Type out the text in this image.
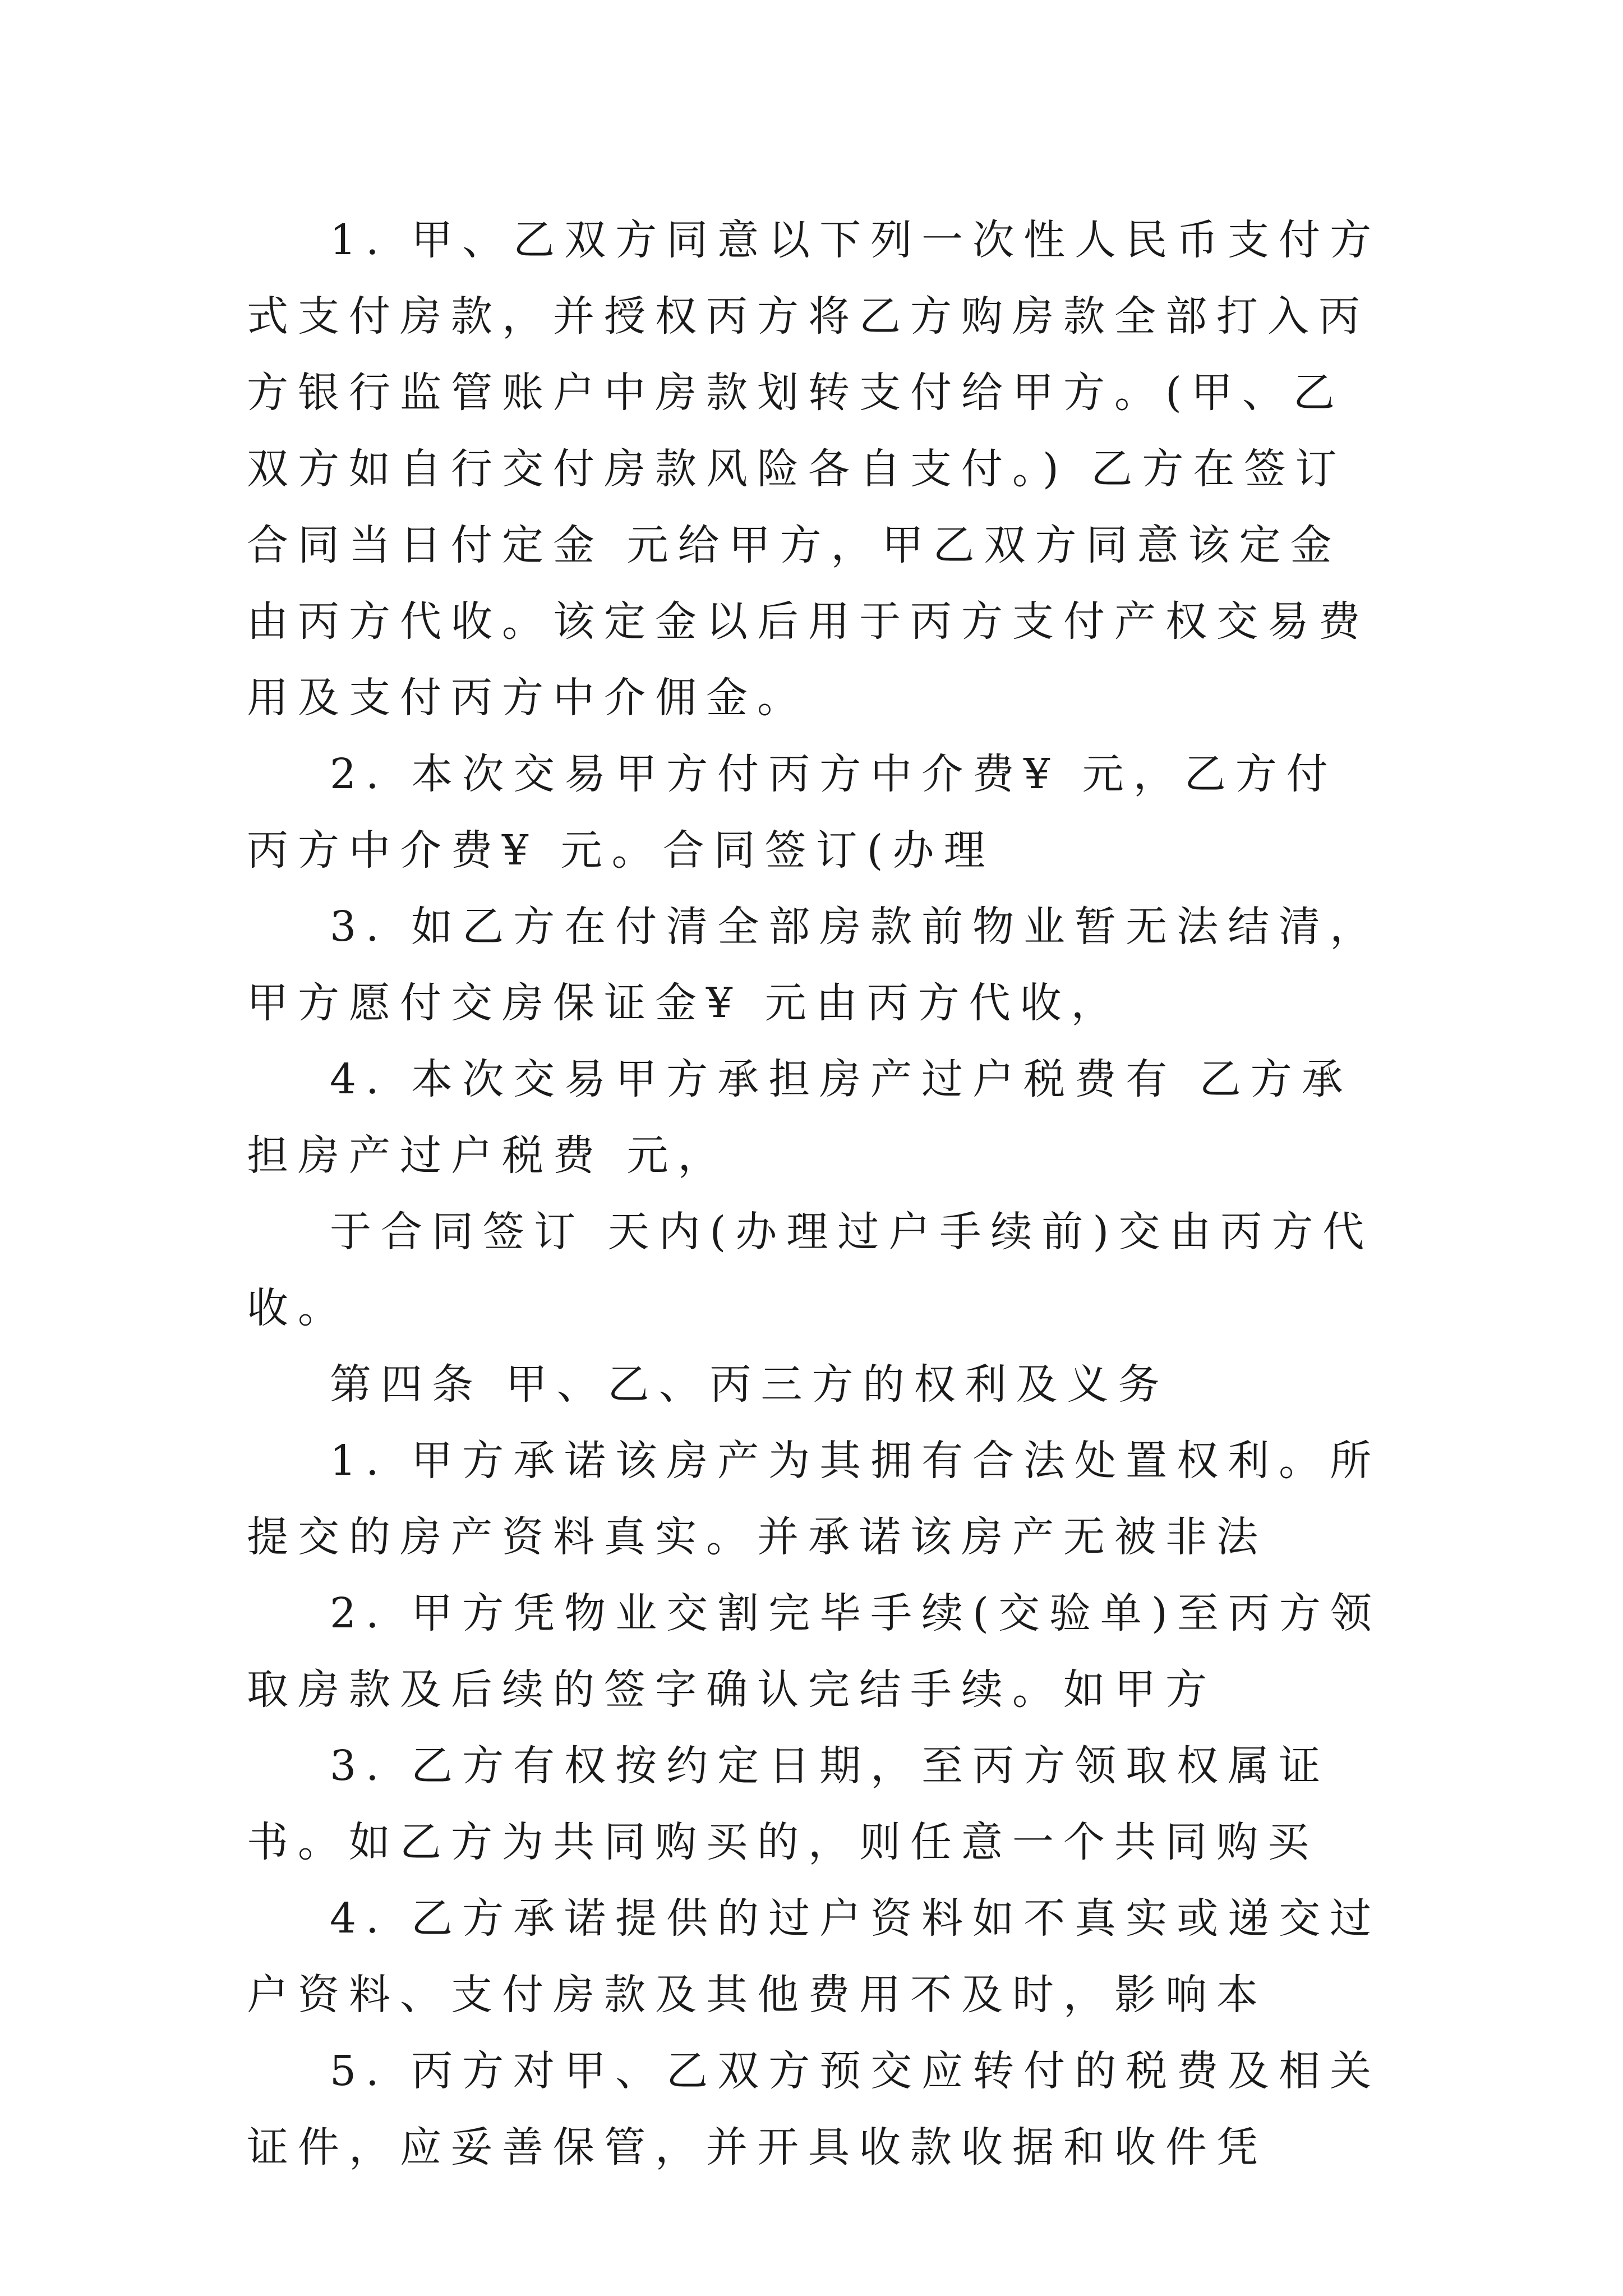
1. 甲、乙双方同意以下列一次性人民币支付方式支付房款，并授权丙方将乙方购房款全部打入丙方银行监管账户中房款划转支付给甲方。(甲、乙双方如自行交付房款风险各自支付。) 乙方在签订合同当日付定金 元给甲方，甲乙双方同意该定金由丙方代收。该定金以后用于丙方支付产权交易费用及支付丙方中介佣金。

2. 本次交易甲方付丙方中介费¥ 元，乙方付丙方中介费¥ 元。合同签订(办理

3. 如乙方在付清全部房款前物业暂无法结清，甲方愿付交房保证金¥ 元由丙方代收，

4. 本次交易甲方承担房产过户税费有 乙方承担房产过户税费 元，

于合同签订 天内(办理过户手续前)交由丙方代收。

第四条 甲、乙、丙三方的权利及义务

1. 甲方承诺该房产为其拥有合法处置权利。所提交的房产资料真实。并承诺该房产无被非法

2. 甲方凭物业交割完毕手续(交验单)至丙方领取房款及后续的签字确认完结手续。如甲方

3. 乙方有权按约定日期，至丙方领取权属证书。如乙方为共同购买的，则任意一个共同购买

4. 乙方承诺提供的过户资料如不真实或递交过户资料、支付房款及其他费用不及时，影响本

5. 丙方对甲、乙双方预交应转付的税费及相关证件，应妥善保管，并开具收款收据和收件凭
